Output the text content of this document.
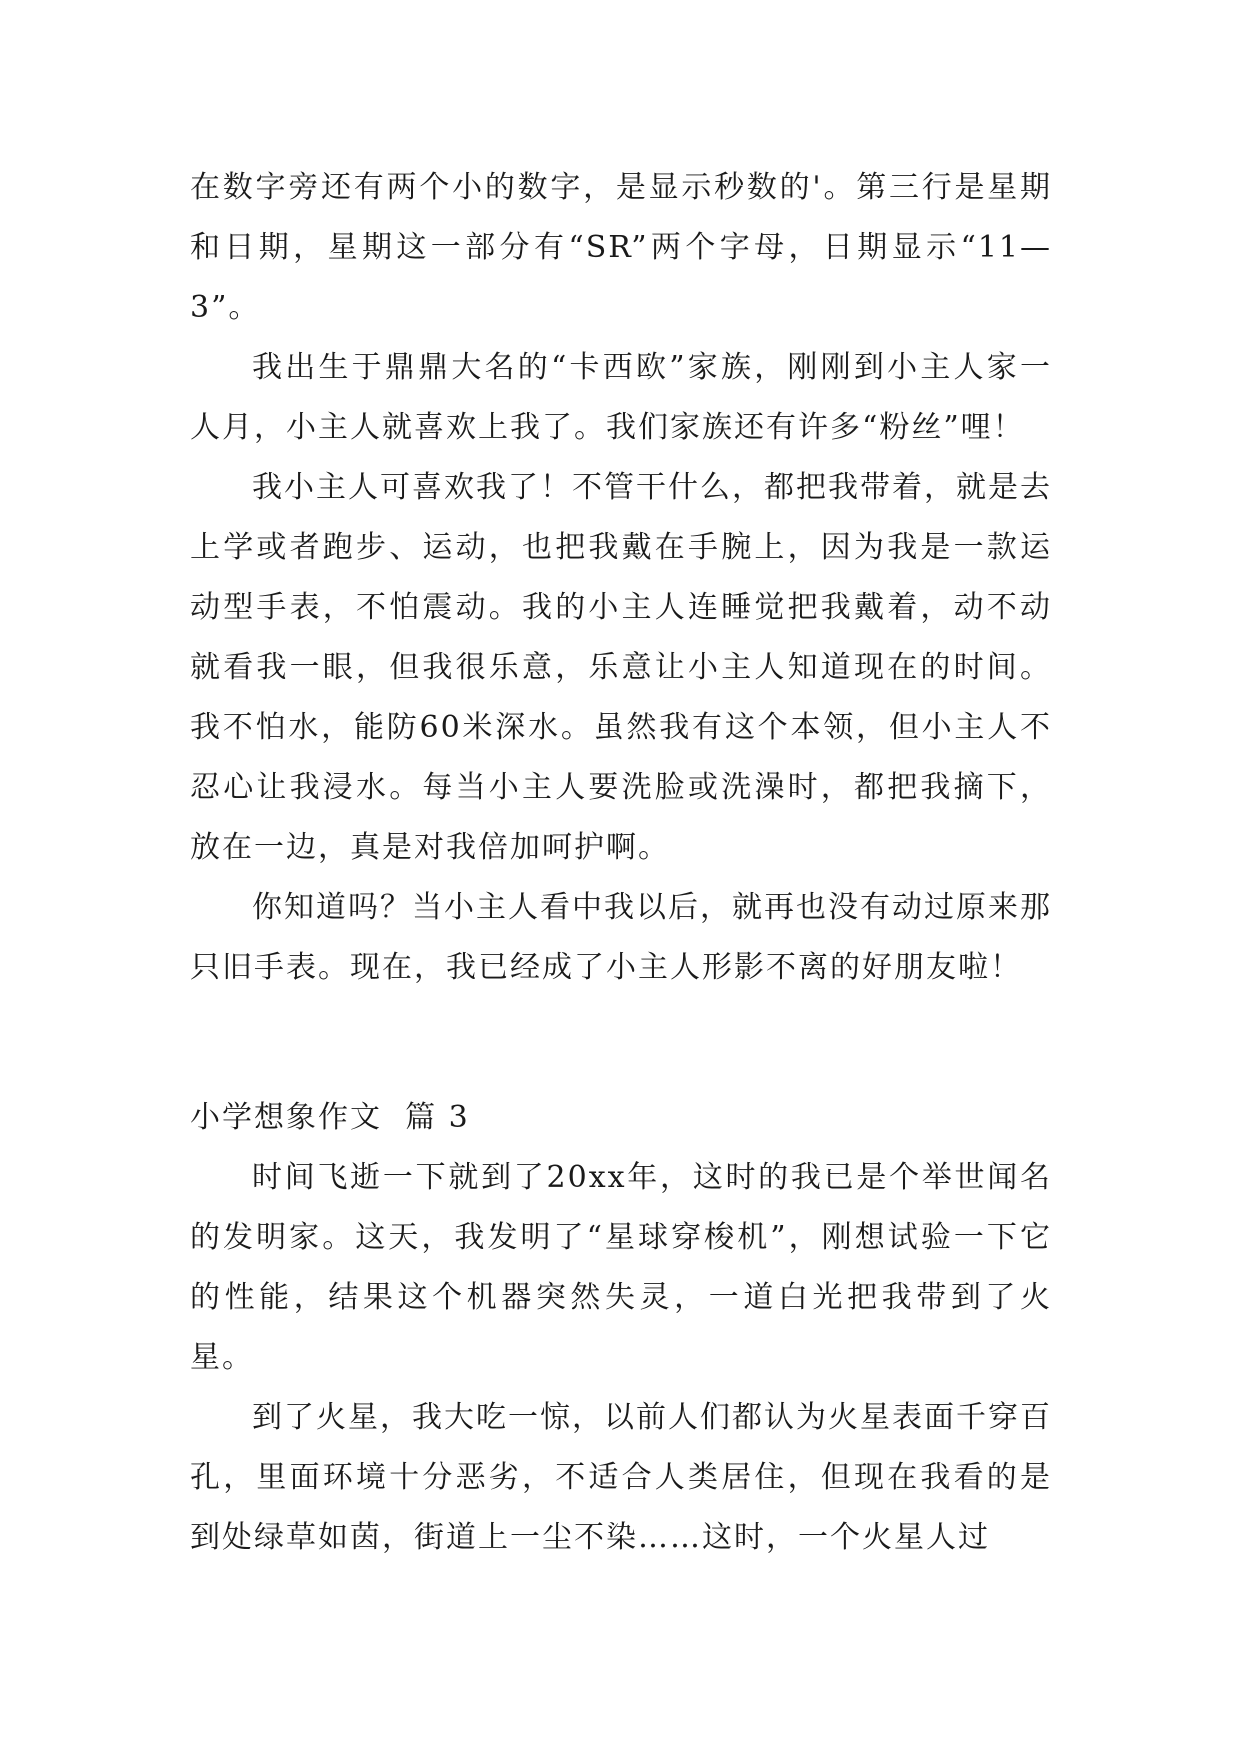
在数字旁还有两个小的数字，是显示秒数的'。第三行是星期和日期，星期这一部分有“SR”两个字母，日期显示“11—3”。

我出生于鼎鼎大名的“卡西欧”家族，刚刚到小主人家一人月，小主人就喜欢上我了。我们家族还有许多“粉丝”哩！

我小主人可喜欢我了！不管干什么，都把我带着，就是去上学或者跑步、运动，也把我戴在手腕上，因为我是一款运动型手表，不怕震动。我的小主人连睡觉把我戴着，动不动就看我一眼，但我很乐意，乐意让小主人知道现在的时间。我不怕水，能防60米深水。虽然我有这个本领，但小主人不忍心让我浸水。每当小主人要洗脸或洗澡时，都把我摘下，放在一边，真是对我倍加呵护啊。

你知道吗？当小主人看中我以后，就再也没有动过原来那只旧手表。现在，我已经成了小主人形影不离的好朋友啦！

小学想象作文  篇 3

时间飞逝一下就到了20xx年，这时的我已是个举世闻名的发明家。这天，我发明了“星球穿梭机”，刚想试验一下它的性能，结果这个机器突然失灵，一道白光把我带到了火星。

到了火星，我大吃一惊，以前人们都认为火星表面千穿百孔，里面环境十分恶劣，不适合人类居住，但现在我看的是到处绿草如茵，街道上一尘不染……这时，一个火星人过
